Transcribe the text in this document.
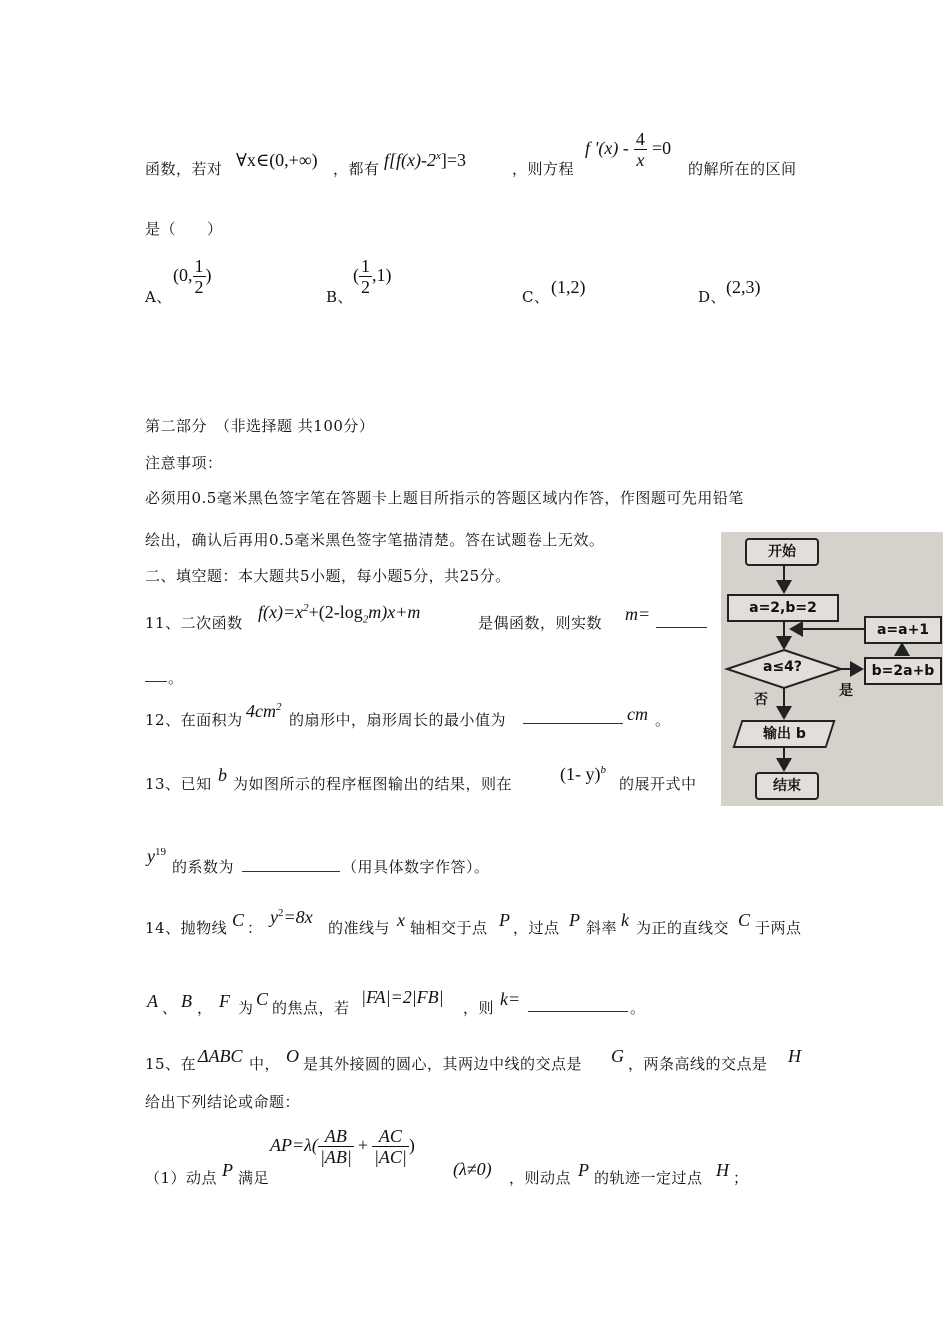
函数，若对 ∀x∈(0,+∞) ，都有 $f[f(x)-2^x]=3$	，则方程
f '$(x) - \frac{4}{x} =0$
的解所在的区间
是（　　）
A、
(0, $\frac{1}{2}$ )
B、
( $\frac{1}{2} ,1$)
C、 (1,2)	D、 (2,3)
第二部分　（非选择题 共100分）
注意事项：
必须用0.5毫米黑色签字笔在答题卡上题目所指示的答题区域内作答，作图题可先用铅笔
绘出，确认后再用0.5毫米黑色签字笔描清楚。答在试题卷上无效。
二、填空题：本大题共5小题，每小题5分，共25分。
11、二次函数
$f(x)=x^2+(2-\log_2m)x+m$
是偶函数，则实数 m=
。
12、在面积为 $4cm^2$
的扇形中，扇形周长的最小值为	cm 。
13、已知 b 为如图所示的程序框图输出的结果，则在	(1- y)$^b$
的展开式中
$y^{19}$
的系数为	（用具体数字作答）。
14、抛物线 C ：
$y^2=8x$
的准线与 x 轴相交于点 P ，过点 P 斜率 k 为正的直线交 C 于两点
A 、 B ， F 为 C 的焦点，若
|FA|=2|FB|
，则 k=	。
15、在 ΔABC 中， O 是其外接圆的圆心，其两边中线的交点是 G ，两条高线的交点是 H
给出下列结论或命题：
（1）动点 P 满足
$AP=\lambda( \frac{AB}{|AB|} + \frac{AC}{|AC|}$ )
(λ≠0) ，则动点 P 的轨迹一定过点 H ；
开始
a=2,b=2
a=a+1
a≤4?	b=2a+b
否
是
输出 b
结束
